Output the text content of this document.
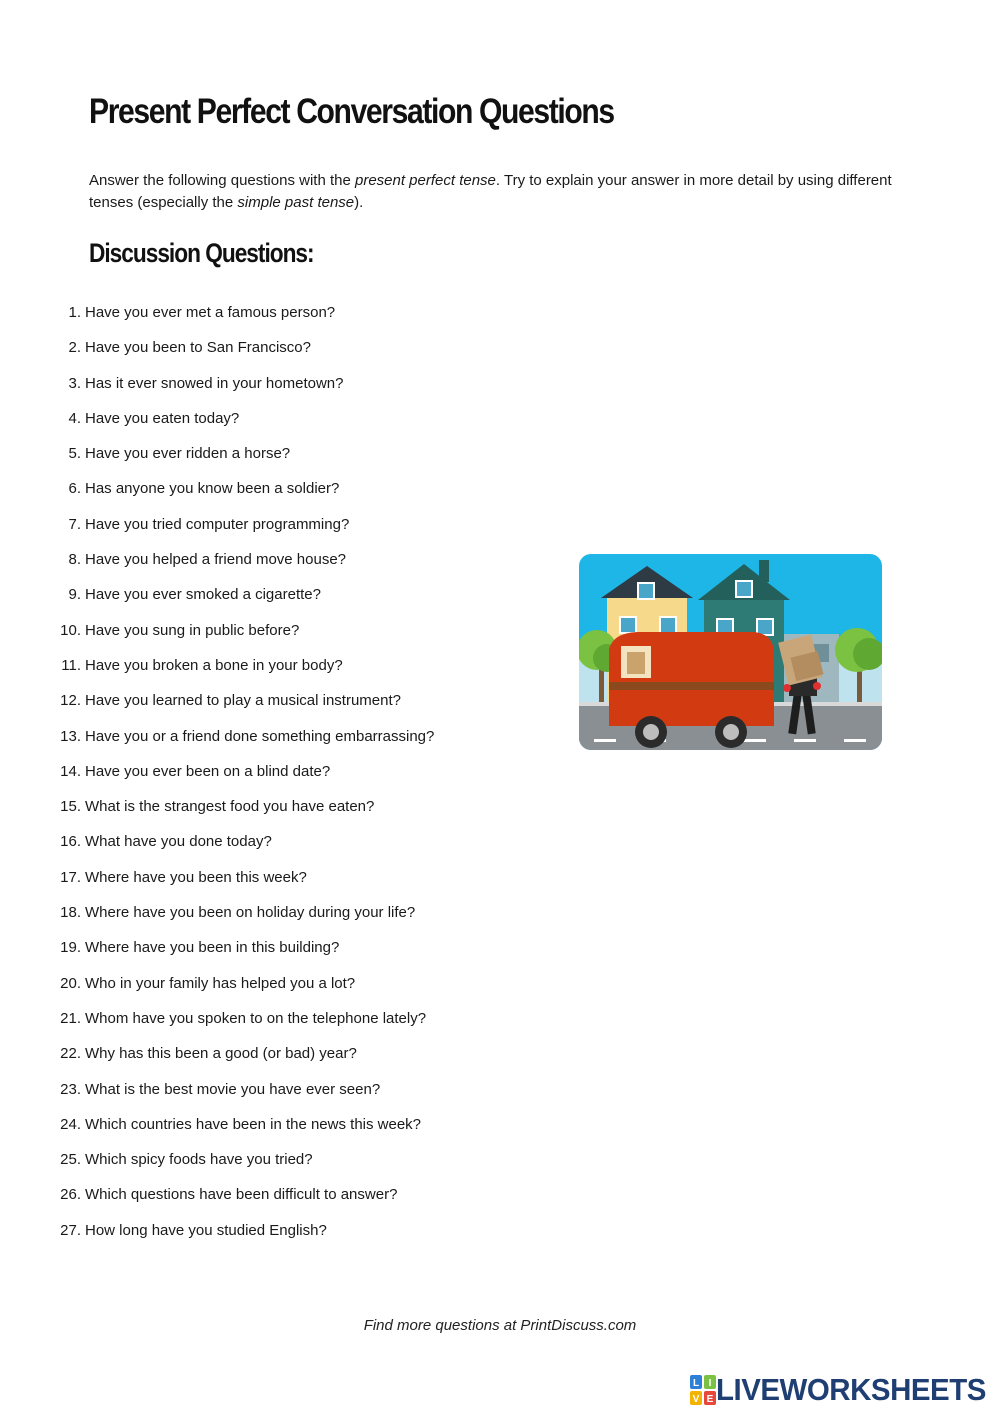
Present Perfect Conversation Questions

Answer the following questions with the present perfect tense. Try to explain your answer in more detail by using different tenses (especially the simple past tense).

Discussion Questions:
1. Have you ever met a famous person?
2. Have you been to San Francisco?
3. Has it ever snowed in your hometown?
4. Have you eaten today?
5. Have you ever ridden a horse?
6. Has anyone you know been a soldier?
7. Have you tried computer programming?
8. Have you helped a friend move house?
9. Have you ever smoked a cigarette?
10. Have you sung in public before?
11. Have you broken a bone in your body?
12. Have you learned to play a musical instrument?
13. Have you or a friend done something embarrassing?
14. Have you ever been on a blind date?
15. What is the strangest food you have eaten?
16. What have you done today?
17. Where have you been this week?
18. Where have you been on holiday during your life?
19. Where have you been in this building?
20. Who in your family has helped you a lot?
21. Whom have you spoken to on the telephone lately?
22. Why has this been a good (or bad) year?
23. What is the best movie you have ever seen?
24. Which countries have been in the news this week?
25. Which spicy foods have you tried?
26. Which questions have been difficult to answer?
27. How long have you studied English?
Find more questions at PrintDiscuss.com
L I
V E LIVEWORKSHEETS
